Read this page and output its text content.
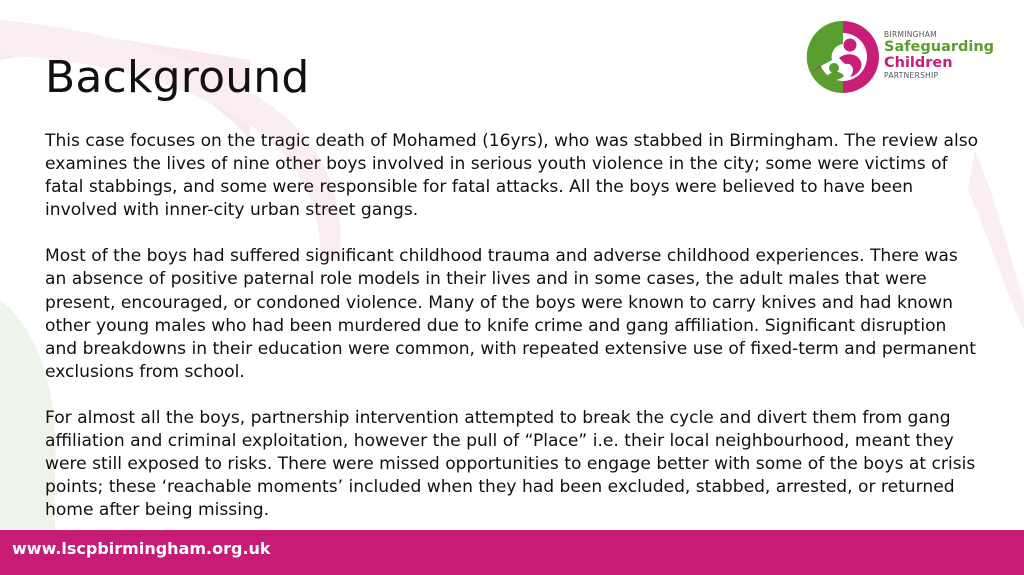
Background
BIRMINGHAM
Safeguarding
Children
PARTNERSHIP

This case focuses on the tragic death of Mohamed (16yrs), who was stabbed in Birmingham. The review also examines the lives of nine other boys involved in serious youth violence in the city; some were victims of fatal stabbings, and some were responsible for fatal attacks. All the boys were believed to have been involved with inner-city urban street gangs.

Most of the boys had suffered significant childhood trauma and adverse childhood experiences. There was an absence of positive paternal role models in their lives and in some cases, the adult males that were present, encouraged, or condoned violence. Many of the boys were known to carry knives and had known other young males who had been murdered due to knife crime and gang affiliation. Significant disruption and breakdowns in their education were common, with repeated extensive use of fixed-term and permanent exclusions from school.

For almost all the boys, partnership intervention attempted to break the cycle and divert them from gang affiliation and criminal exploitation, however the pull of “Place” i.e. their local neighbourhood, meant they were still exposed to risks. There were missed opportunities to engage better with some of the boys at crisis points; these ‘reachable moments’ included when they had been excluded, stabbed, arrested, or returned home after being missing.

www.lscpbirmingham.org.uk
